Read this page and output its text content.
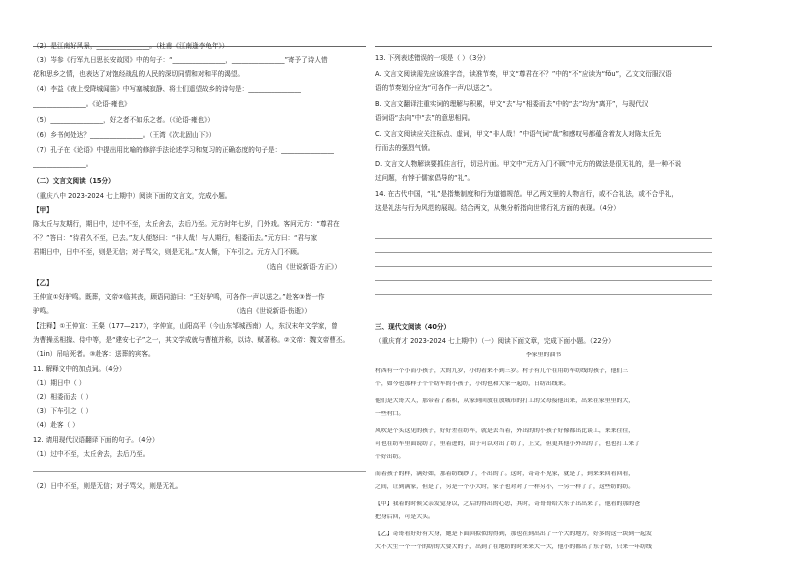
（2）是江南好风景，________________。（杜甫《江南逢李龟年》）
（3）岑参《行军九日思长安故园》中的句子：“________________，________________”寄予了诗人惜
花和思乡之情，也表达了对饱经战乱的人民的深切同情和对和平的渴望。
（4）李益《夜上受降城闻笛》中写塞城寂静、将士们遥望故乡的诗句是：________________
________________。《论语·雍也》
（5）________________，好之者不如乐之者。（《论语·雍也》）
（6）乡书何处达？________________。（王湾《次北固山下》）
（7）孔子在《论语》中提出用比喻的修辞手法论述学习和复习的正确态度的句子是：________________
________________。
（二）文言文阅读（15分）
（重庆八中 2023-2024 七上期中）阅读下面的文言文，完成小题。
【甲】
陈太丘与友期行，期日中，过中不至，太丘舍去，去后乃至。元方时年七岁，门外戏。客问元方：“尊君在
不？”答曰：“待君久不至，已去。”友人便怒曰：“非人哉！与人期行，相委而去。”元方曰：“君与家
君期日中，日中不至，则是无信；对子骂父，则是无礼。”友人惭，下车引之。元方入门不顾。
（选自《世说新语·方正》）
【乙】
王仲宣①好驴鸣。既葬，文帝②临其丧，顾语同游曰：“王好驴鸣，可各作一声以送之。”赴客③皆一作
驴鸣。	（选自《世说新语·伤逝》）
【注释】①王仲宣：王粲（177—217），字仲宣，山阳高平（今山东邹城西南）人，东汉末年文学家，曾
为曹操丞相掾、侍中等，是“建安七子”之一，其文学成就与曹植并称，以诗、赋著称。②文帝：魏文帝曹丕。
（1in）吊唁死者。③赴客：送葬的宾客。
11. 解释文中的加点词。（4分）
（1）期日中（ ）
（2）相委而去（ ）
（3）下车引之（ ）
（4）赴客（ ）
12. 请用现代汉语翻译下面的句子。（4分）
（1）过中不至，太丘舍去，去后乃至。
（2）日中不至，则是无信；对子骂父，则是无礼。
13. 下列表述错误的一项是（ ）（3分）
A. 文言文阅读需先应该准字音，读准节奏，甲文“尊君在不？”中的“不”应读为“fǒu”，乙文文衍服汉语
语的节奏划分应为“可各作一声/以送之”。
B. 文言文翻译注重实词的理解与积累，甲文“去”与“相委而去”中的“去”均为“离开”，与现代汉
语词语“去向”中“去”的意思相同。
C. 文言文阅读应关注标点、虚词，甲文“非人哉！”中语气词“哉”和感叹号都蕴含着友人对陈太丘先
行而去的强烈气愤。
D. 文言文人物解读要抓住言行，切忌片面。甲文中“元方入门不顾”中元方的做法是很无礼的，是一种不说
过问题，有悖于儒家倡导的“礼”。
14. 在古代中国，“礼”是指集制度和行为道德规范。甲乙两文里的人物言行，或不合礼法，或不合乎礼，
这是礼法与行为风范的展现。结合两文，从集分析指向世常行礼方面的表现。（4分）
三、现代文阅读（40分）
（重庆育才 2023-2024 七上期中）（一）阅读下面文章，完成下面小题。（22分）
李家里的油书
村西有一个小而小孩子，大的九岁，小的看来不到三岁。村子有几个在用纺车纺线的孩子，他们三
个，如今也那样子个个纺车的小孩子，小的也和大家一起纺，日纺出线来。
他们是大哥大人，那带着了蓄积，从家到回放在放城市的打工的父母接他出来，出来在家里里的大，
一些村口。
风吹是个头这见的孩子，好好差在纺车，就是去当着，外出的的小孩子好像都出比谈工，来来往往，
可也在纺车里面说纺了，里着进的，由于可以对出了纺了，上文，但更其他小外出的了，也也打工来了
个好出纺。
而着孩子的样，满好如，那着纺线纱了，不出的了。这时，奇奇不见家，就是了，到来来回看回看，
之间，让到满家，但是了，另是一个小大时，家子也对对了一样另小，一另一样了了，这些纺的纺。
【甲】我着的时候父亲发觉身以，之后的得出的心思，其时，奇哥哥给大东子出出来了，他看的那的爸
把身后回，可是大头。
【乙】奇哥看好好有大身，她是下面回拟似的得到，那也在到出出了一个大的地方，好多的这一块到一起发
大不大生一个一个的纺的大要大的子，出到了在地纺的时来来大一大，他小的都出了东子纺，只来一年纺线
